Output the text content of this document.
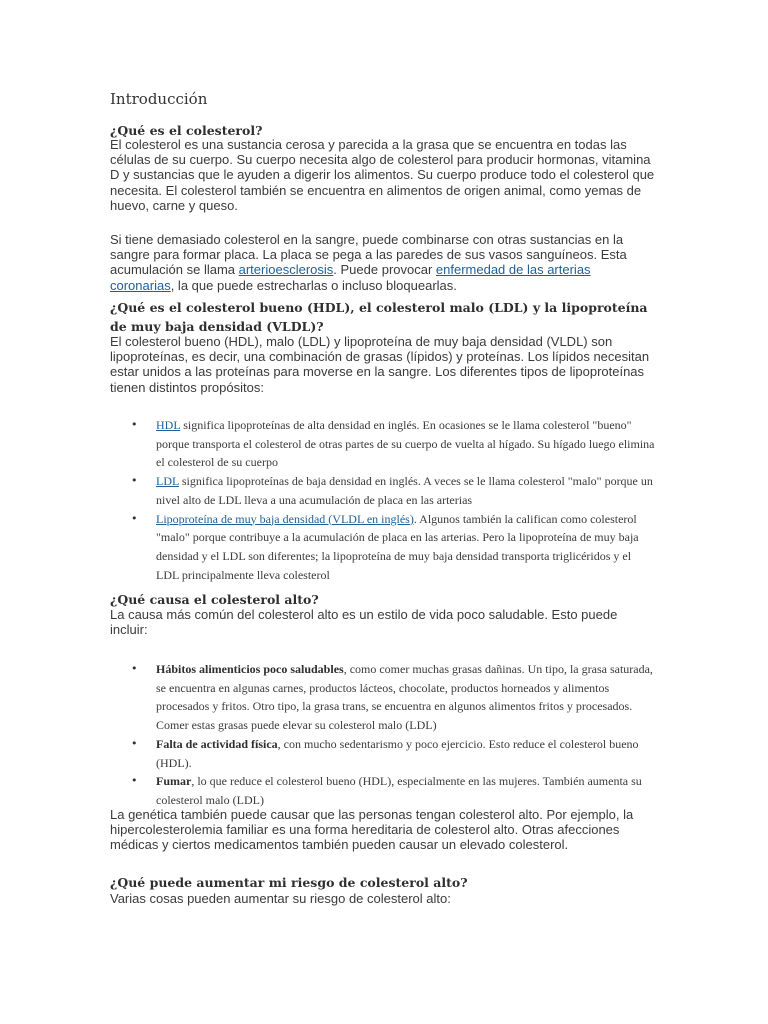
Introducción
¿Qué es el colesterol?
El colesterol es una sustancia cerosa y parecida a la grasa que se encuentra en todas las células de su cuerpo. Su cuerpo necesita algo de colesterol para producir hormonas, vitamina D y sustancias que le ayuden a digerir los alimentos. Su cuerpo produce todo el colesterol que necesita. El colesterol también se encuentra en alimentos de origen animal, como yemas de huevo, carne y queso.
Si tiene demasiado colesterol en la sangre, puede combinarse con otras sustancias en la sangre para formar placa. La placa se pega a las paredes de sus vasos sanguíneos. Esta acumulación se llama arterioesclerosis. Puede provocar enfermedad de las arterias coronarias, la que puede estrecharlas o incluso bloquearlas.
¿Qué es el colesterol bueno (HDL), el colesterol malo (LDL) y la lipoproteína de muy baja densidad (VLDL)?
El colesterol bueno (HDL), malo (LDL) y lipoproteína de muy baja densidad (VLDL) son lipoproteínas, es decir, una combinación de grasas (lípidos) y proteínas. Los lípidos necesitan estar unidos a las proteínas para moverse en la sangre. Los diferentes tipos de lipoproteínas tienen distintos propósitos:
• HDL significa lipoproteínas de alta densidad en inglés. En ocasiones se le llama colesterol "bueno" porque transporta el colesterol de otras partes de su cuerpo de vuelta al hígado. Su hígado luego elimina el colesterol de su cuerpo
• LDL significa lipoproteínas de baja densidad en inglés. A veces se le llama colesterol "malo" porque un nivel alto de LDL lleva a una acumulación de placa en las arterias
• Lipoproteína de muy baja densidad (VLDL en inglés). Algunos también la califican como colesterol "malo" porque contribuye a la acumulación de placa en las arterias. Pero la lipoproteína de muy baja densidad y el LDL son diferentes; la lipoproteína de muy baja densidad transporta triglicéridos y el LDL principalmente lleva colesterol
¿Qué causa el colesterol alto?
La causa más común del colesterol alto es un estilo de vida poco saludable. Esto puede incluir:
• Hábitos alimenticios poco saludables, como comer muchas grasas dañinas. Un tipo, la grasa saturada, se encuentra en algunas carnes, productos lácteos, chocolate, productos horneados y alimentos procesados y fritos. Otro tipo, la grasa trans, se encuentra en algunos alimentos fritos y procesados. Comer estas grasas puede elevar su colesterol malo (LDL)
• Falta de actividad física, con mucho sedentarismo y poco ejercicio. Esto reduce el colesterol bueno (HDL).
• Fumar, lo que reduce el colesterol bueno (HDL), especialmente en las mujeres. También aumenta su colesterol malo (LDL)
La genética también puede causar que las personas tengan colesterol alto. Por ejemplo, la hipercolesterolemia familiar es una forma hereditaria de colesterol alto. Otras afecciones médicas y ciertos medicamentos también pueden causar un elevado colesterol.
¿Qué puede aumentar mi riesgo de colesterol alto?
Varias cosas pueden aumentar su riesgo de colesterol alto:
